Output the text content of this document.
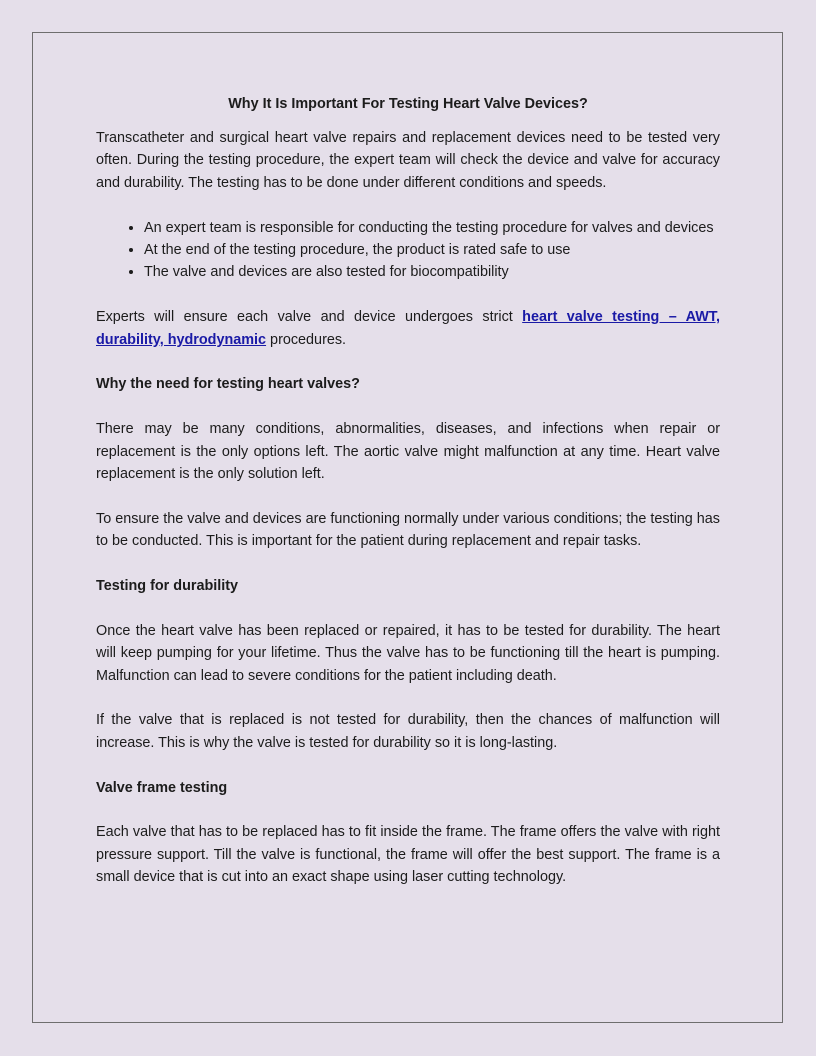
Why It Is Important For Testing Heart Valve Devices?

Transcatheter and surgical heart valve repairs and replacement devices need to be tested very often. During the testing procedure, the expert team will check the device and valve for accuracy and durability. The testing has to be done under different conditions and speeds.

• An expert team is responsible for conducting the testing procedure for valves and devices
• At the end of the testing procedure, the product is rated safe to use
• The valve and devices are also tested for biocompatibility

Experts will ensure each valve and device undergoes strict heart valve testing – AWT, durability, hydrodynamic procedures.

Why the need for testing heart valves?

There may be many conditions, abnormalities, diseases, and infections when repair or replacement is the only options left. The aortic valve might malfunction at any time. Heart valve replacement is the only solution left.

To ensure the valve and devices are functioning normally under various conditions; the testing has to be conducted. This is important for the patient during replacement and repair tasks.

Testing for durability

Once the heart valve has been replaced or repaired, it has to be tested for durability. The heart will keep pumping for your lifetime. Thus the valve has to be functioning till the heart is pumping. Malfunction can lead to severe conditions for the patient including death.

If the valve that is replaced is not tested for durability, then the chances of malfunction will increase. This is why the valve is tested for durability so it is long-lasting.

Valve frame testing

Each valve that has to be replaced has to fit inside the frame. The frame offers the valve with right pressure support. Till the valve is functional, the frame will offer the best support. The frame is a small device that is cut into an exact shape using laser cutting technology.
